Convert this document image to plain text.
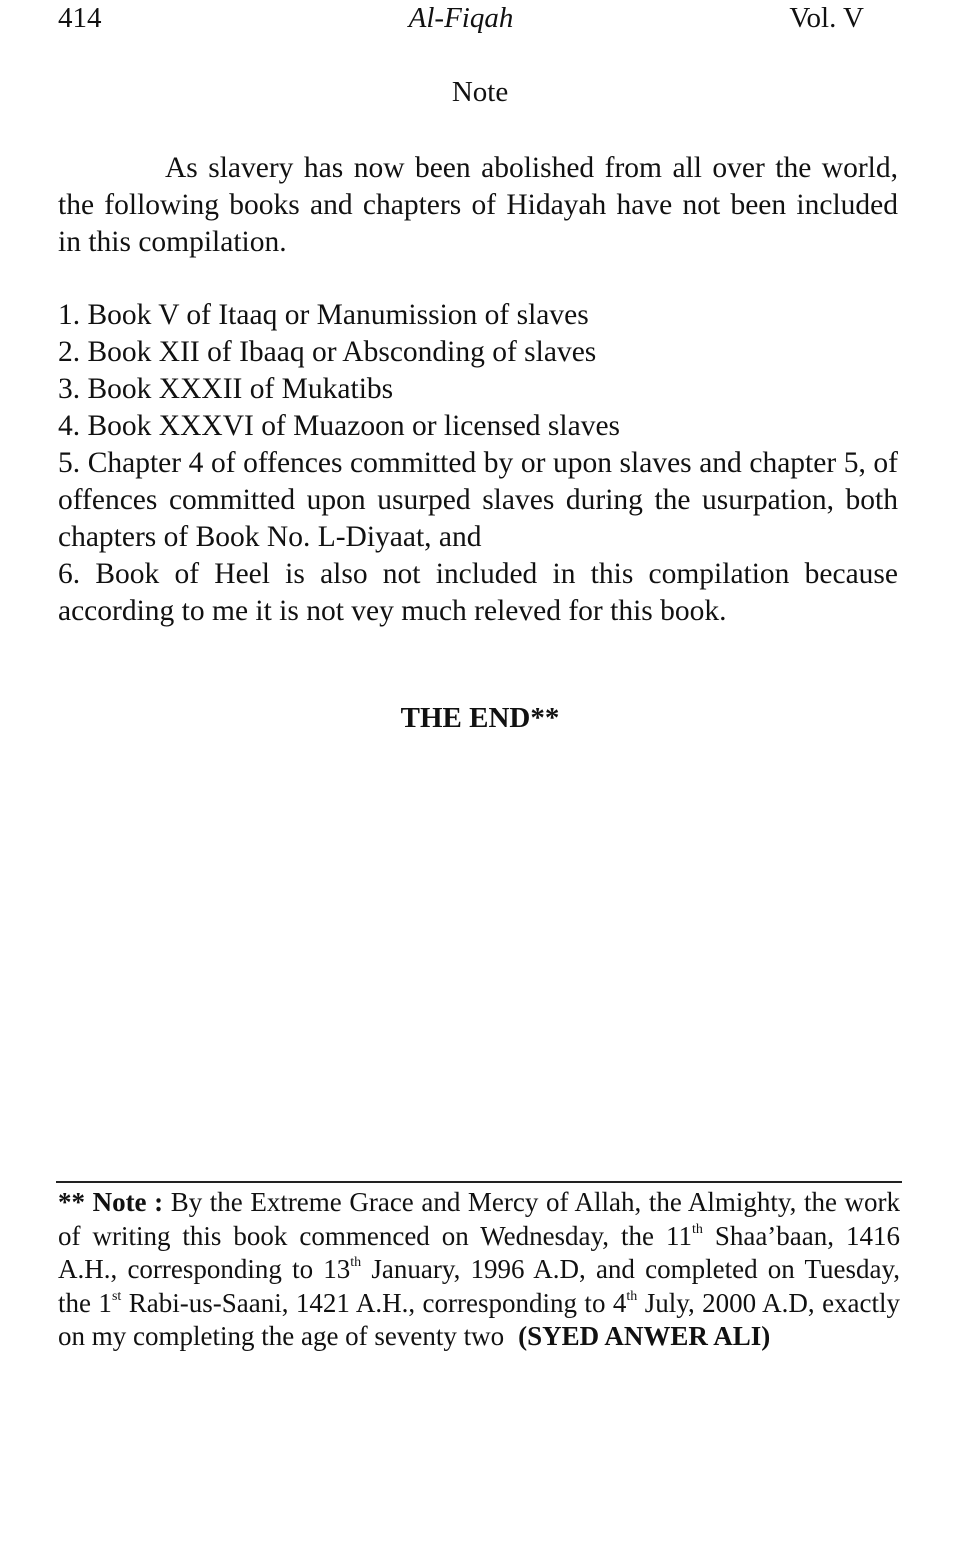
414	Al-Fiqah	Vol. V
Note

As slavery has now been abolished from all over the world, the following books and chapters of Hidayah have not been included in this compilation.

1. Book V of Itaaq or Manumission of slaves

2. Book XII of Ibaaq or Absconding of slaves

3. Book XXXII of Mukatibs

4. Book XXXVI of Muazoon or licensed slaves

5. Chapter 4 of offences committed by or upon slaves and chapter 5, of offences committed upon usurped slaves during the usurpation, both chapters of Book No. L-Diyaat, and

6. Book of Heel is also not included in this compilation because according to me it is not vey much releved for this book.

THE END**

** Note : By the Extreme Grace and Mercy of Allah, the Almighty, the work of writing this book commenced on Wednesday, the 11th Shaa’baan, 1416 A.H., corresponding to 13th January, 1996 A.D, and completed on Tuesday, the 1st Rabi-us-Saani, 1421 A.H., corresponding to 4th July, 2000 A.D, exactly on my completing the age of seventy two (SYED ANWER ALI)
